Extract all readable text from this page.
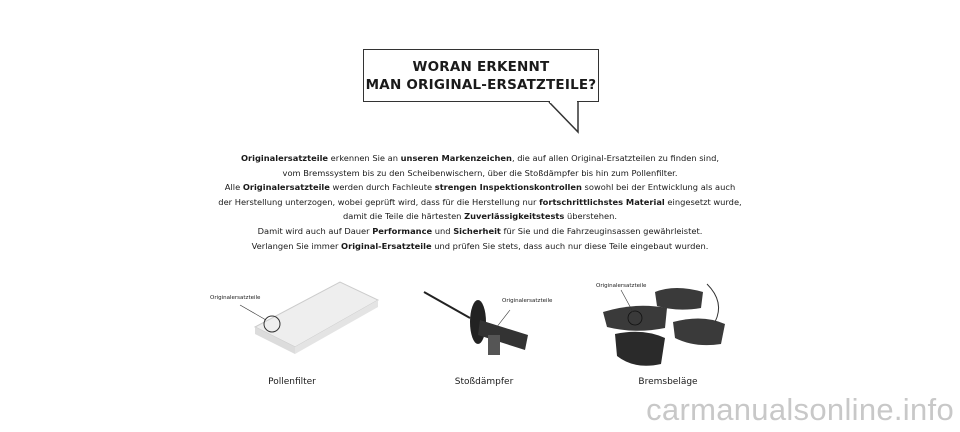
WORAN ERKENNT
MAN ORIGINAL-ERSATZTEILE?
Originalersatzteile erkennen Sie an unseren Markenzeichen, die auf allen Original-Ersatzteilen zu finden sind,
vom Bremssystem bis zu den Scheibenwischern, über die Stoßdämpfer bis hin zum Pollenfilter.
Alle Originalersatzteile werden durch Fachleute strengen Inspektionskontrollen sowohl bei der Entwicklung als auch
der Herstellung unterzogen, wobei geprüft wird, dass für die Herstellung nur fortschrittlichstes Material eingesetzt wurde,
damit die Teile die härtesten Zuverlässigkeitstests überstehen.
Damit wird auch auf Dauer Performance und Sicherheit für Sie und die Fahrzeuginsassen gewährleistet.
Verlangen Sie immer Original-Ersatzteile und prüfen Sie stets, dass auch nur diese Teile eingebaut wurden.
Originalersatzteile
Pollenfilter
Originalersatzteile
Stoßdämpfer
Originalersatzteile
Bremsbeläge
carmanualsonline.info
